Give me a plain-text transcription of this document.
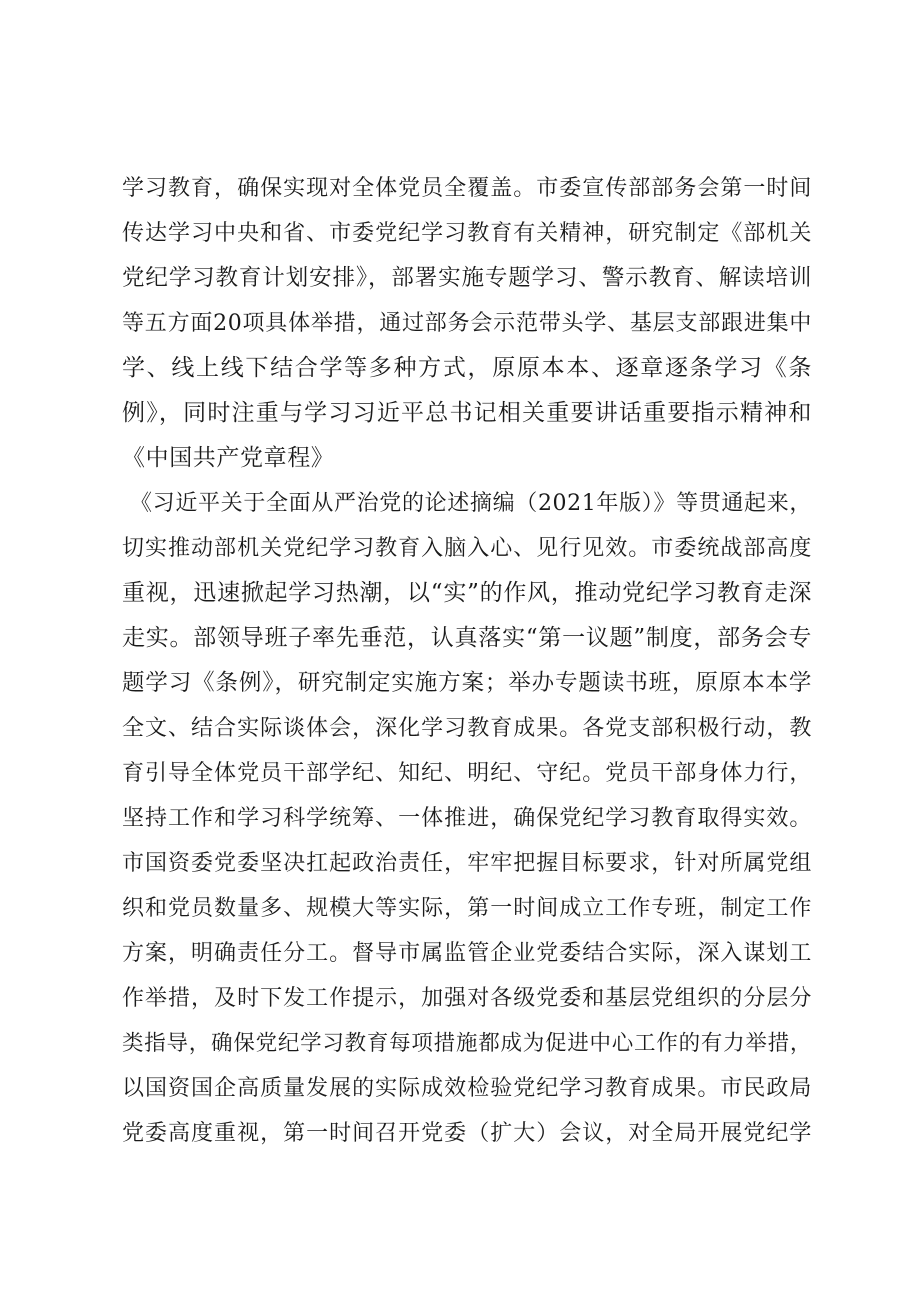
学习教育，确保实现对全体党员全覆盖。市委宣传部部务会第一时间
传达学习中央和省、市委党纪学习教育有关精神，研究制定《部机关
党纪学习教育计划安排》，部署实施专题学习、警示教育、解读培训
等五方面20项具体举措，通过部务会示范带头学、基层支部跟进集中
学、线上线下结合学等多种方式，原原本本、逐章逐条学习《条
例》，同时注重与学习习近平总书记相关重要讲话重要指示精神和
《中国共产党章程》
《习近平关于全面从严治党的论述摘编（2021年版）》等贯通起来，
切实推动部机关党纪学习教育入脑入心、见行见效。市委统战部高度
重视，迅速掀起学习热潮，以“实”的作风，推动党纪学习教育走深
走实。部领导班子率先垂范，认真落实“第一议题”制度，部务会专
题学习《条例》，研究制定实施方案；举办专题读书班，原原本本学
全文、结合实际谈体会，深化学习教育成果。各党支部积极行动，教
育引导全体党员干部学纪、知纪、明纪、守纪。党员干部身体力行，
坚持工作和学习科学统筹、一体推进，确保党纪学习教育取得实效。
市国资委党委坚决扛起政治责任，牢牢把握目标要求，针对所属党组
织和党员数量多、规模大等实际，第一时间成立工作专班，制定工作
方案，明确责任分工。督导市属监管企业党委结合实际，深入谋划工
作举措，及时下发工作提示，加强对各级党委和基层党组织的分层分
类指导，确保党纪学习教育每项措施都成为促进中心工作的有力举措，
以国资国企高质量发展的实际成效检验党纪学习教育成果。市民政局
党委高度重视，第一时间召开党委（扩大）会议，对全局开展党纪学
